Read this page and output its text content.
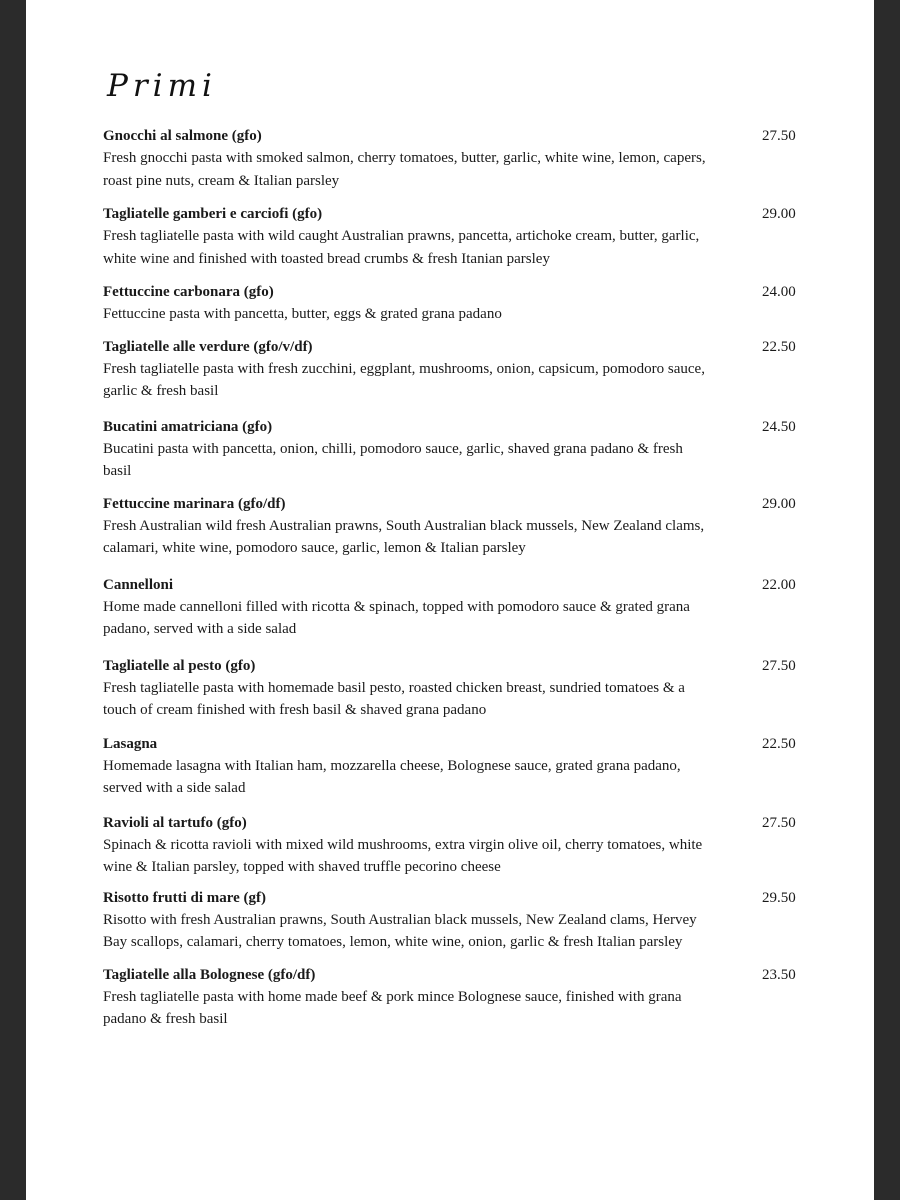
Primi
Gnocchi al salmone (gfo)
Fresh gnocchi pasta with smoked salmon, cherry tomatoes, butter, garlic, white wine, lemon, capers, roast pine nuts, cream & Italian parsley
27.50
Tagliatelle gamberi e carciofi (gfo)
Fresh tagliatelle pasta with wild caught Australian prawns, pancetta, artichoke cream, butter, garlic, white wine and finished with toasted bread crumbs & fresh Itanian parsley
29.00
Fettuccine carbonara (gfo)
Fettuccine pasta with pancetta, butter, eggs & grated grana padano
24.00
Tagliatelle alle verdure (gfo/v/df)
Fresh tagliatelle pasta with fresh zucchini, eggplant, mushrooms, onion, capsicum, pomodoro sauce, garlic & fresh basil
22.50
Bucatini amatriciana (gfo)
Bucatini pasta with pancetta, onion, chilli, pomodoro sauce, garlic, shaved grana padano & fresh basil
24.50
Fettuccine marinara (gfo/df)
Fresh Australian wild fresh Australian prawns, South Australian black mussels, New Zealand clams, calamari, white wine, pomodoro sauce, garlic, lemon & Italian parsley
29.00
Cannelloni
Home made cannelloni filled with ricotta & spinach, topped with pomodoro sauce & grated grana padano, served with a side salad
22.00
Tagliatelle al pesto (gfo)
Fresh tagliatelle pasta with homemade basil pesto, roasted chicken breast, sundried tomatoes & a touch of cream finished with fresh basil & shaved grana padano
27.50
Lasagna
Homemade lasagna with Italian ham, mozzarella cheese, Bolognese sauce, grated grana padano, served with a side salad
22.50
Ravioli al tartufo (gfo)
Spinach & ricotta ravioli with mixed wild mushrooms, extra virgin olive oil, cherry tomatoes, white wine & Italian parsley, topped with shaved truffle pecorino cheese
27.50
Risotto frutti di mare (gf)
Risotto with fresh Australian prawns, South Australian black mussels, New Zealand clams, Hervey Bay scallops, calamari, cherry tomatoes, lemon, white wine, onion, garlic & fresh Italian parsley
29.50
Tagliatelle alla Bolognese (gfo/df)
Fresh tagliatelle pasta with home made beef & pork mince Bolognese sauce, finished with grana padano & fresh basil
23.50
